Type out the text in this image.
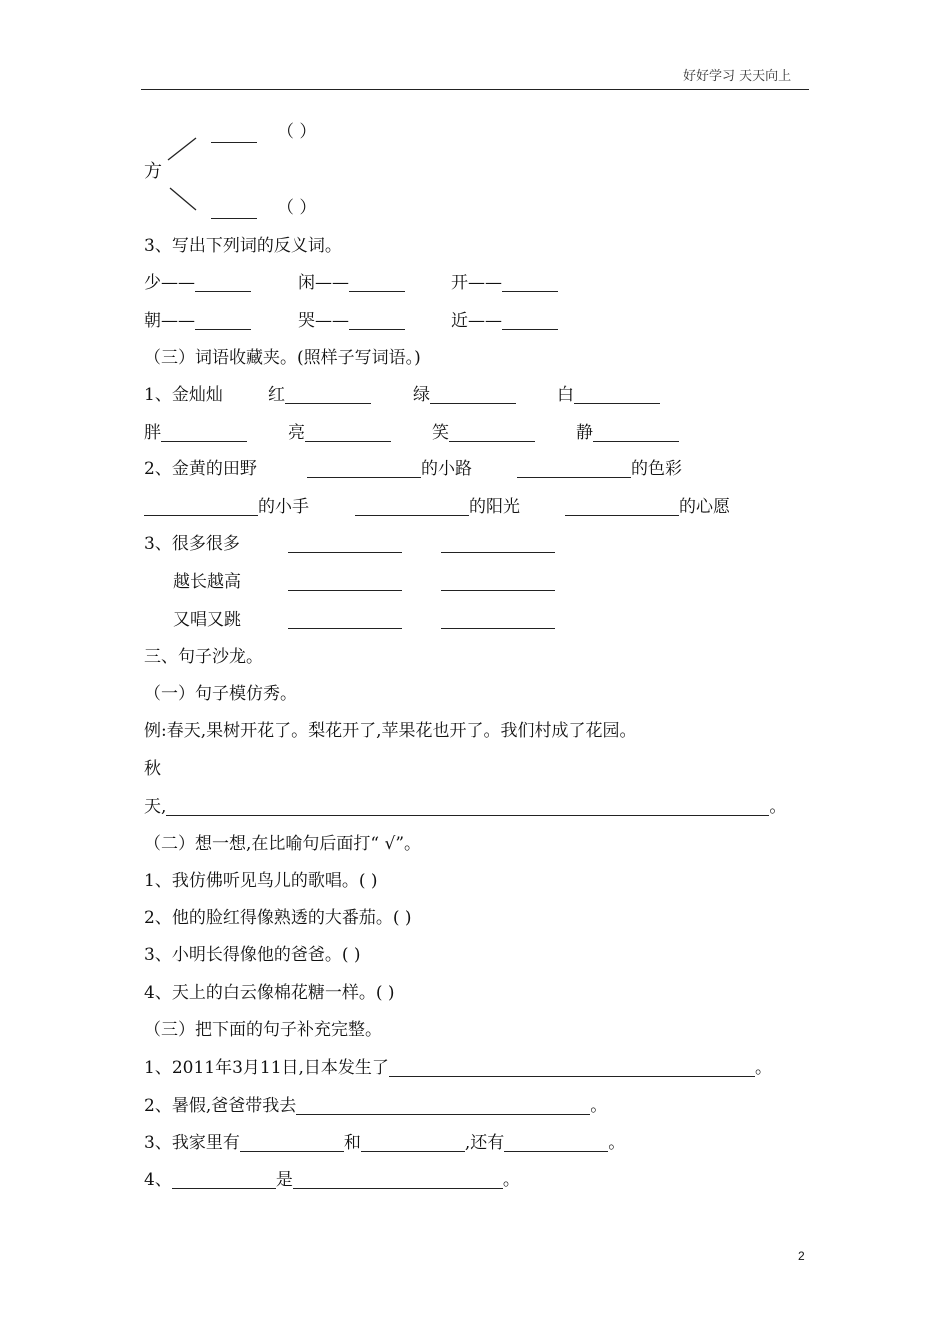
好好学习 天天向上
（ ）
方
（ ）
3、写出下列词的反义词。
少——	闲——	开——
朝——	哭——	近——
（三）词语收藏夹。(照样子写词语。)
1、金灿灿	红	绿	白
胖	亮	笑	静
2、金黄的田野	的小路	的色彩
的小手	的阳光	的心愿
3、很多很多
越长越高
又唱又跳
三、句子沙龙。
（一）句子模仿秀。
例:春天,果树开花了。梨花开了,苹果花也开了。我们村成了花园。
秋
天,	。
（二）想一想,在比喻句后面打“ √”。
1、我仿佛听见鸟儿的歌唱。( )
2、他的脸红得像熟透的大番茄。( )
3、小明长得像他的爸爸。( )
4、天上的白云像棉花糖一样。( )
（三）把下面的句子补充完整。
1、2011年3月11日,日本发生了	。
2、暑假,爸爸带我去	。
3、我家里有	和	,还有	。
4、	是	。
2
